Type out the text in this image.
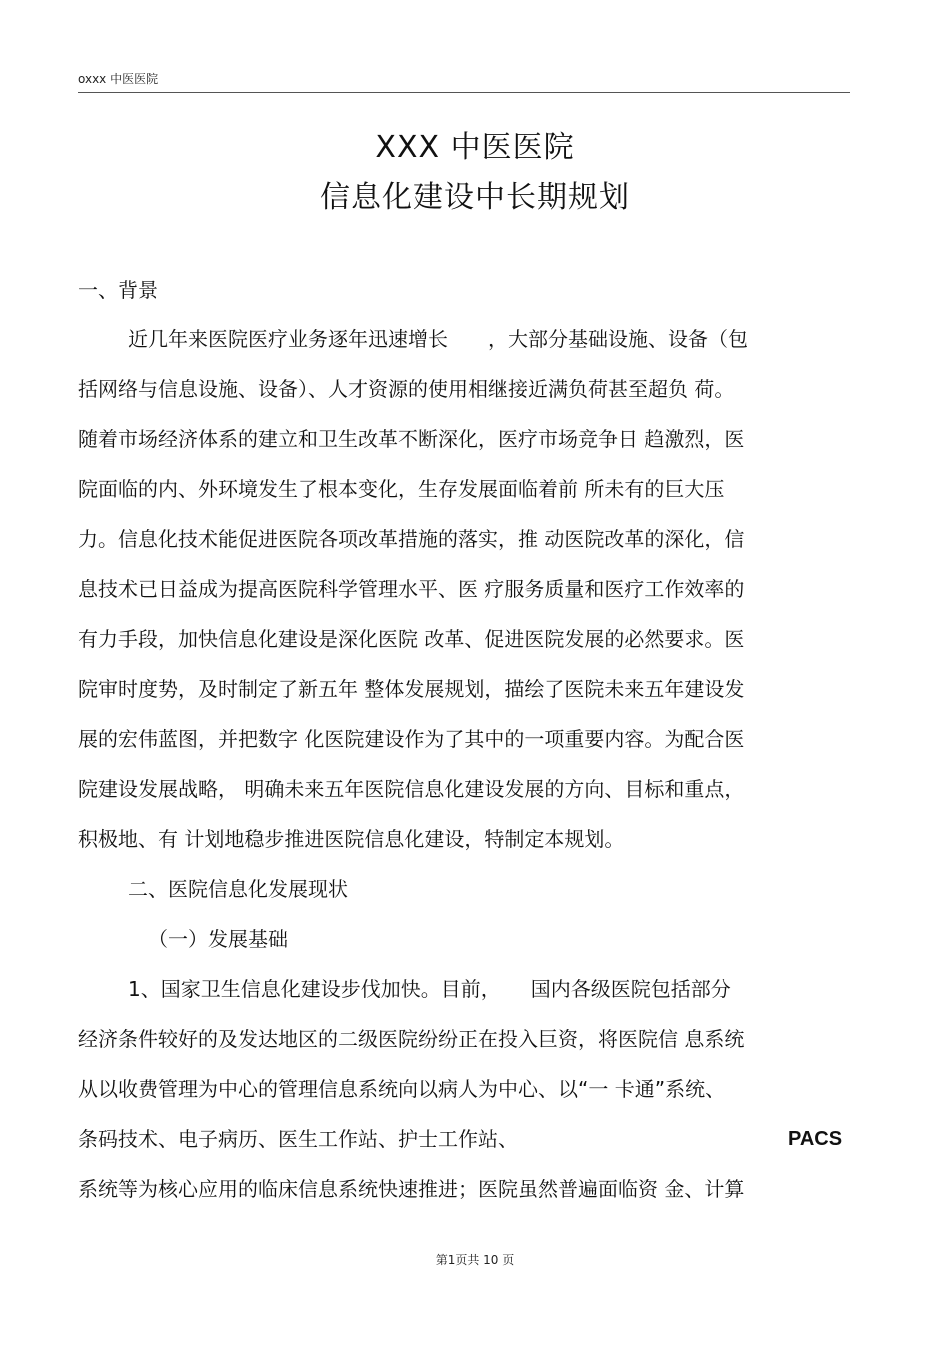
oxxx 中医医院
XXX 中医医院
信息化建设中长期规划
一、背景
近几年来医院医疗业务逐年迅速增长　　，大部分基础设施、设备（包
括网络与信息设施、设备）、人才资源的使用相继接近满负荷甚至超负 荷。
随着市场经济体系的建立和卫生改革不断深化，医疗市场竞争日 趋激烈，医
院面临的内、外环境发生了根本变化，生存发展面临着前 所未有的巨大压
力。信息化技术能促进医院各项改革措施的落实，推 动医院改革的深化，信
息技术已日益成为提高医院科学管理水平、医 疗服务质量和医疗工作效率的
有力手段，加快信息化建设是深化医院 改革、促进医院发展的必然要求。医
院审时度势，及时制定了新五年 整体发展规划，描绘了医院未来五年建设发
展的宏伟蓝图，并把数字 化医院建设作为了其中的一项重要内容。为配合医
院建设发展战略， 明确未来五年医院信息化建设发展的方向、目标和重点，
积极地、有 计划地稳步推进医院信息化建设，特制定本规划。
二、医院信息化发展现状
（一）发展基础
1、国家卫生信息化建设步伐加快。目前，　　国内各级医院包括部分
经济条件较好的及发达地区的二级医院纷纷正在投入巨资，将医院信 息系统
从以收费管理为中心的管理信息系统向以病人为中心、以“一 卡通”系统、
条码技术、电子病历、医生工作站、护士工作站、	PACS
系统等为核心应用的临床信息系统快速推进；医院虽然普遍面临资 金、计算
第1页共 10 页
